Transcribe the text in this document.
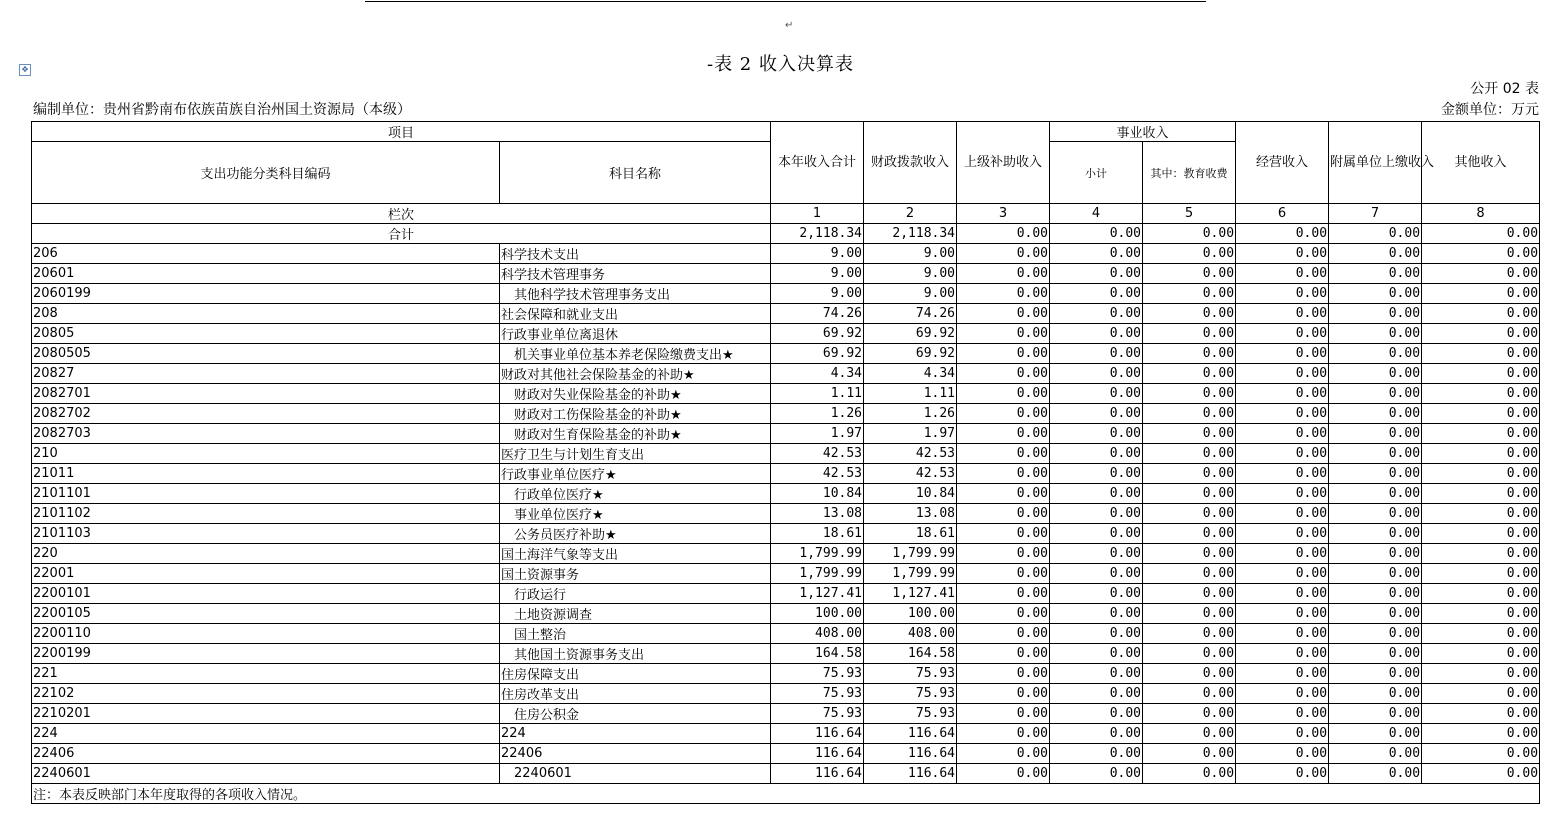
↵
✥	-表 2 收入决算表
公开 02 表
编制单位：贵州省黔南布依族苗族自治州国土资源局（本级）	金额单位：万元
项目		本年收入合计	财政拨款收入	上级补助收入	事业收入		经营收入	附属单位上缴收入	其他收入
支出功能分类科目编码	科目名称				小计	其中：教育收费			
栏次		1	2	3	4	5	6	7	8
合计		2,118.34	2,118.34	0.00	0.00	0.00	0.00	0.00	0.00
206	科学技术支出	9.00	9.00	0.00	0.00	0.00	0.00	0.00	0.00
20601	科学技术管理事务	9.00	9.00	0.00	0.00	0.00	0.00	0.00	0.00
2060199	其他科学技术管理事务支出	9.00	9.00	0.00	0.00	0.00	0.00	0.00	0.00
208	社会保障和就业支出	74.26	74.26	0.00	0.00	0.00	0.00	0.00	0.00
20805	行政事业单位离退休	69.92	69.92	0.00	0.00	0.00	0.00	0.00	0.00
2080505	机关事业单位基本养老保险缴费支出★	69.92	69.92	0.00	0.00	0.00	0.00	0.00	0.00
20827	财政对其他社会保险基金的补助★	4.34	4.34	0.00	0.00	0.00	0.00	0.00	0.00
2082701	财政对失业保险基金的补助★	1.11	1.11	0.00	0.00	0.00	0.00	0.00	0.00
2082702	财政对工伤保险基金的补助★	1.26	1.26	0.00	0.00	0.00	0.00	0.00	0.00
2082703	财政对生育保险基金的补助★	1.97	1.97	0.00	0.00	0.00	0.00	0.00	0.00
210	医疗卫生与计划生育支出	42.53	42.53	0.00	0.00	0.00	0.00	0.00	0.00
21011	行政事业单位医疗★	42.53	42.53	0.00	0.00	0.00	0.00	0.00	0.00
2101101	行政单位医疗★	10.84	10.84	0.00	0.00	0.00	0.00	0.00	0.00
2101102	事业单位医疗★	13.08	13.08	0.00	0.00	0.00	0.00	0.00	0.00
2101103	公务员医疗补助★	18.61	18.61	0.00	0.00	0.00	0.00	0.00	0.00
220	国土海洋气象等支出	1,799.99	1,799.99	0.00	0.00	0.00	0.00	0.00	0.00
22001	国土资源事务	1,799.99	1,799.99	0.00	0.00	0.00	0.00	0.00	0.00
2200101	行政运行	1,127.41	1,127.41	0.00	0.00	0.00	0.00	0.00	0.00
2200105	土地资源调查	100.00	100.00	0.00	0.00	0.00	0.00	0.00	0.00
2200110	国土整治	408.00	408.00	0.00	0.00	0.00	0.00	0.00	0.00
2200199	其他国土资源事务支出	164.58	164.58	0.00	0.00	0.00	0.00	0.00	0.00
221	住房保障支出	75.93	75.93	0.00	0.00	0.00	0.00	0.00	0.00
22102	住房改革支出	75.93	75.93	0.00	0.00	0.00	0.00	0.00	0.00
2210201	住房公积金	75.93	75.93	0.00	0.00	0.00	0.00	0.00	0.00
224	224	116.64	116.64	0.00	0.00	0.00	0.00	0.00	0.00
22406	22406	116.64	116.64	0.00	0.00	0.00	0.00	0.00	0.00
2240601	2240601	116.64	116.64	0.00	0.00	0.00	0.00	0.00	0.00
注：本表反映部门本年度取得的各项收入情况。									
